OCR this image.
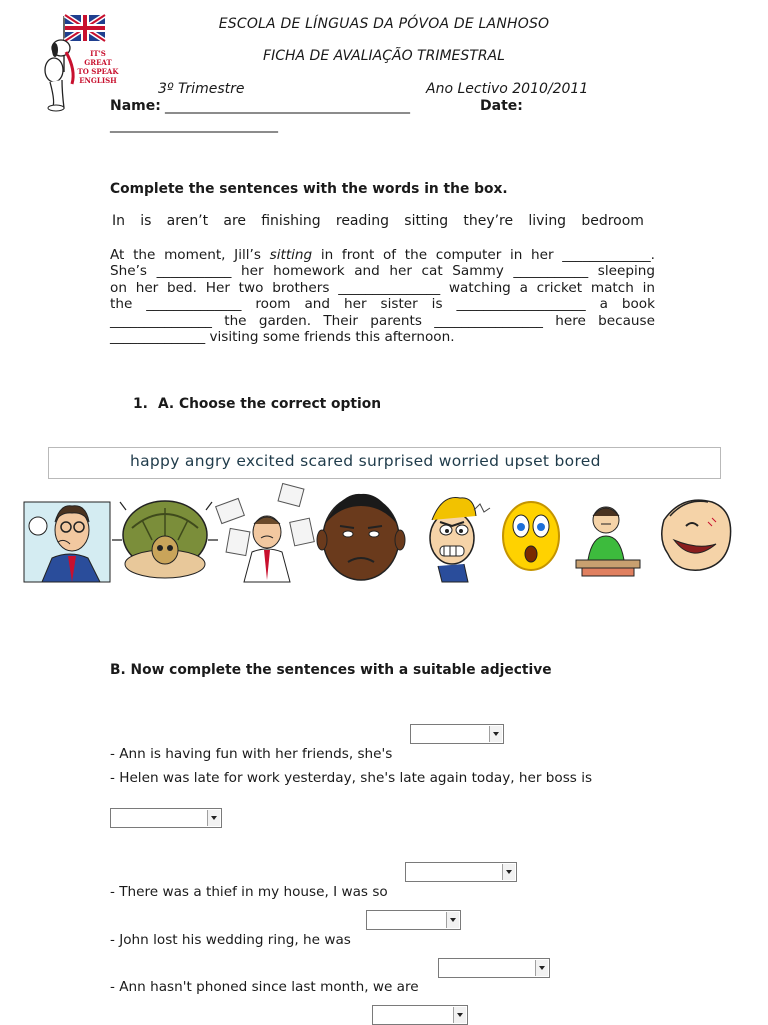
ESCOLA DE LÍNGUAS DA PÓVOA DE LANHOSO
FICHA DE AVALIAÇÃO TRIMESTRAL
3º Trimestre	Ano Lectivo 2010/2011
IT'S
GREAT
TO SPEAK
ENGLISH
Name: ___________________________________	Date:
________________________
Complete the sentences with the words in the box.
In is aren’t are finishing reading sitting they’re living bedroom
At the moment, Jill’s sitting in front of the computer in her _____________.
She’s ___________ her homework and her cat Sammy ___________ sleeping
on her bed. Her two brothers _______________ watching a cricket match in
the ______________ room and her sister is ___________________ a book
_______________ the garden. Their parents ________________ here because
______________ visiting some friends this afternoon.
1. A. Choose the correct option
happy angry excited scared surprised worried upset bored
B. Now complete the sentences with a suitable adjective
- Ann is having fun with her friends, she's
- Helen was late for work yesterday, she's late again today, her boss is
- There was a thief in my house, I was so
- John lost his wedding ring, he was
- Ann hasn't phoned since last month, we are
